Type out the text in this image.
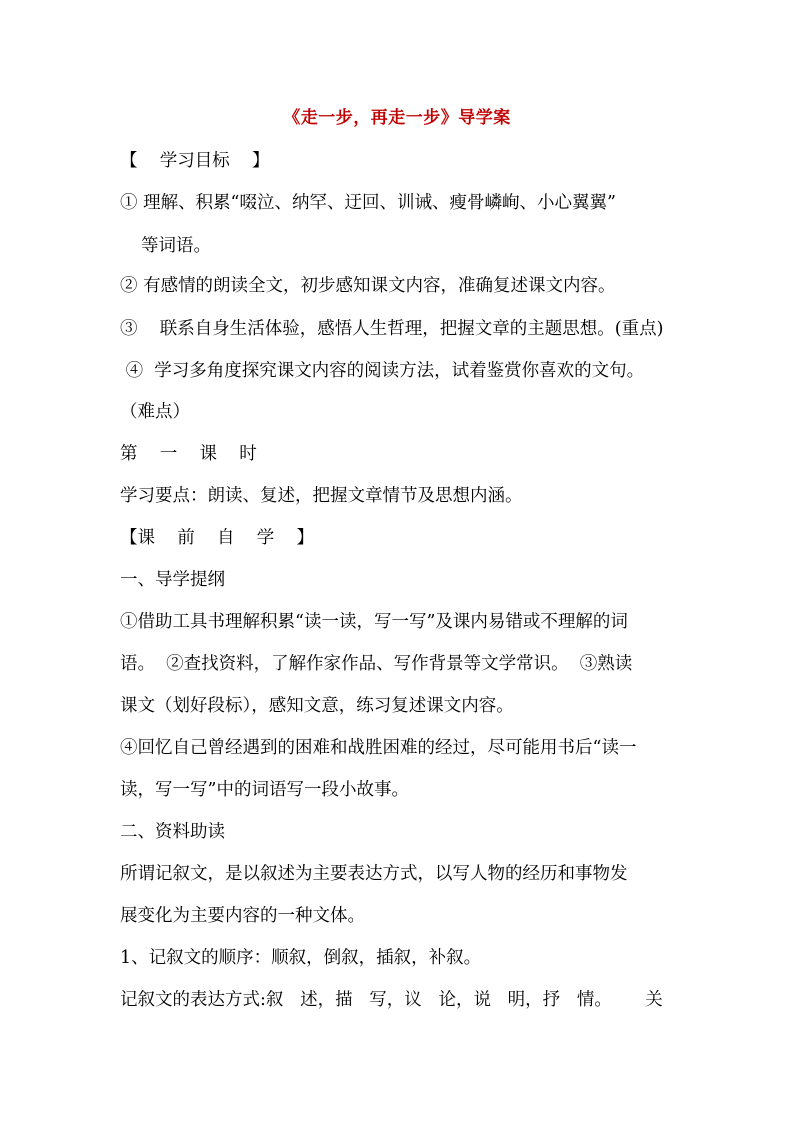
《走一步，再走一步》导学案
【    学习目标    】
① 理解、积累“啜泣、纳罕、迂回、训诫、瘦骨嶙峋、小心翼翼”
等词语。
② 有感情的朗读全文，初步感知课文内容，准确复述课文内容。
③    联系自身生活体验，感悟人生哲理，把握文章的主题思想。(重点)
④  学习多角度探究课文内容的阅读方法，试着鉴赏你喜欢的文句。
（难点）
第    一    课    时
学习要点：朗读、复述，把握文章情节及思想内涵。
【课    前    自    学    】
一、导学提纲
①借助工具书理解积累“读一读，写一写”及课内易错或不理解的词
语。  ②查找资料，了解作家作品、写作背景等文学常识。  ③熟读
课文（划好段标），感知文意，练习复述课文内容。
④回忆自己曾经遇到的困难和战胜困难的经过，尽可能用书后“读一
读，写一写”中的词语写一段小故事。
二、资料助读
所谓记叙文，是以叙述为主要表达方式，以写人物的经历和事物发
展变化为主要内容的一种文体。
1、记叙文的顺序：顺叙，倒叙，插叙，补叙。
记叙文的表达方式:叙   述，描   写，议   论，说   明，抒   情。      关
